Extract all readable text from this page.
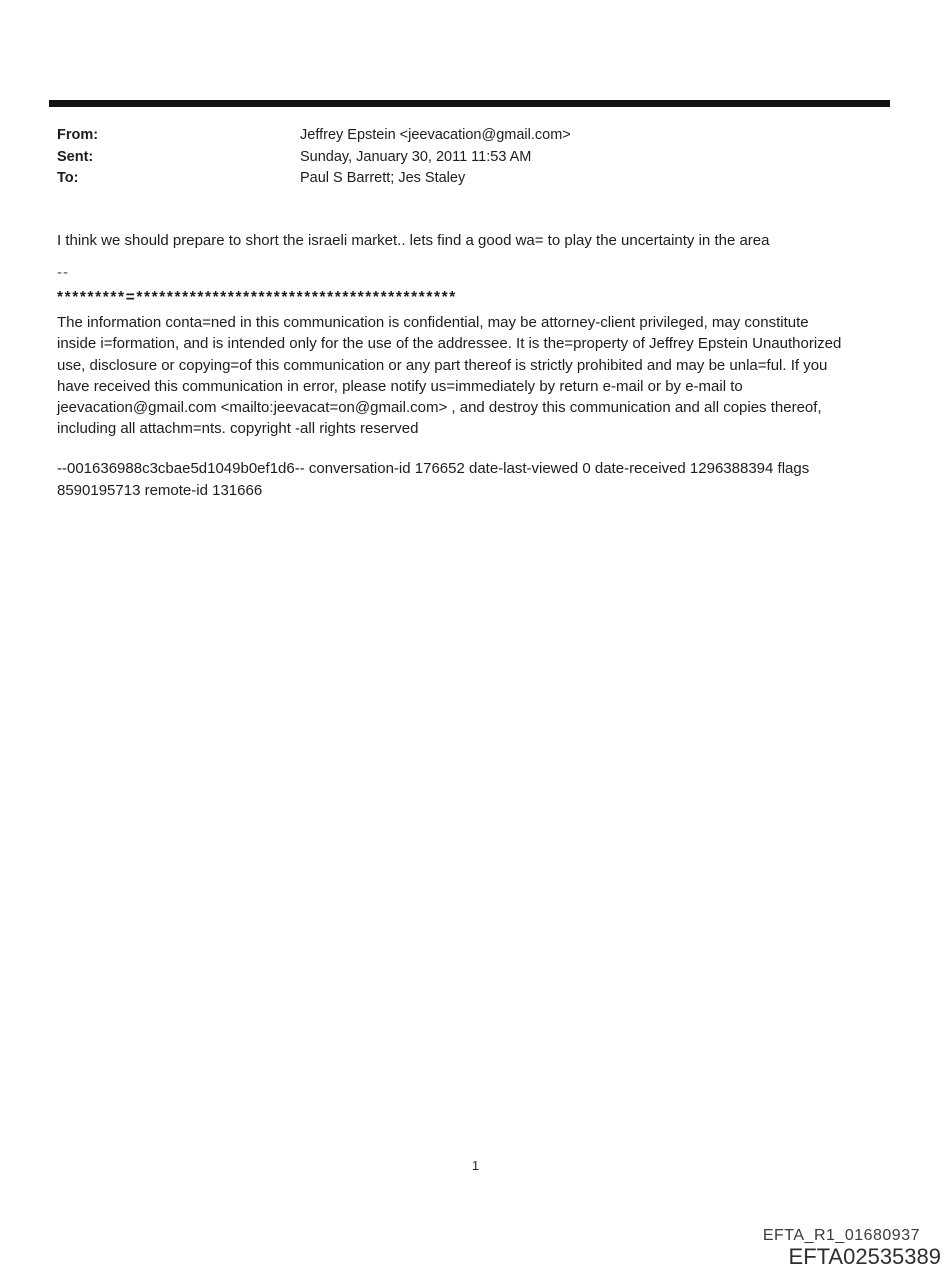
From:	Jeffrey Epstein <jeevacation@gmail.com>
Sent:	Sunday, January 30, 2011 11:53 AM
To:	Paul S Barrett; Jes Staley
I think we should prepare to short the israeli market.. lets find a good wa= to play the uncertainty in the area
--
*********=******************************************
The information conta=ned in this communication is confidential, may be attorney-client privileged, may constitute
inside i=formation, and is intended only for the use of the addressee. It is the=property of Jeffrey Epstein Unauthorized
use, disclosure or copying=of this communication or any part thereof is strictly prohibited and may be unla=ful. If you
have received this communication in error, please notify us=immediately by return e-mail or by e-mail to
jeevacation@gmail.com <mailto:jeevacat=on@gmail.com> , and destroy this communication and all copies thereof,
including all attachm=nts. copyright -all rights reserved
--001636988c3cbae5d1049b0ef1d6-- conversation-id 176652 date-last-viewed 0 date-received 1296388394 flags
8590195713 remote-id 131666
1
EFTA_R1_01680937
EFTA02535389
